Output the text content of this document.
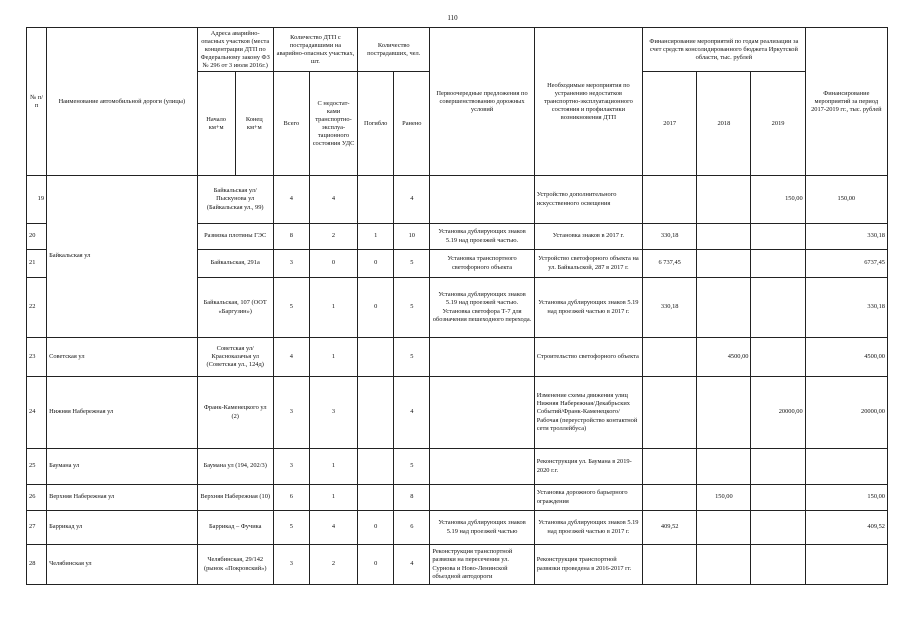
110
№ п/п	Наименование автомобильной дороги (улицы)	Адреса аварийно-опасных участков (места концентрации ДТП по Федеральному закону ФЗ № 296 от 3 июля 2016г.)		Количество ДТП с пострадавшими на аварийно-опасных участках, шт.		Количество пострадавших, чел.		Первоочередные предложения по совершенствованию дорожных условий	Необходимые мероприятия по устранению недостатков транспортно-эксплуатационного состояния и профилактики возникновения ДТП	Финансирование мероприятий по годам реализации за счет средств консолидированного бюджета Иркутской области, тыс. рублей			Финансирование мероприятий за период 2017-2019 гг., тыс. рублей
		Начало км+м	Конец км+м	Всего	С недостат-ками транспортно-эксплуа-тационного состояния УДС	Погибло	Ранено			2017	2018	2019	
19	Байкальская ул	Байкальская ул/ Пыскунова ул (Байкальская ул., 99)		4	4		4		Устройство дополнительного искусственного освещения			150,00	150,00
20		Развязка плотины ГЭС		8	2	1	10	Установка дублирующих знаков 5.19 над проезжей частью.	Установка знаков в 2017 г.	330,18			330,18
21		Байкальская, 291а		3	0	0	5	Установка транспортного светофорного объекта	Устройство светофорного объекта на ул. Байкальской, 287 в 2017 г.	6 737,45			6737,45
22		Байкальская, 107 (ООТ «Баргузин»)		5	1	0	5	Установка дублирующих знаков 5.19 над проезжей частью. Установка светофора Т-7 для обозначения пешеходного перехода.	Установка дублирующих знаков 5.19 над проезжей частью в 2017 г.	330,18			330,18
23	Советская ул	Советская ул/Красноказачья ул (Советская ул., 124д)		4	1		5		Строительство светофорного объекта		4500,00		4500,00
24	Нижняя Набережная ул	Франк-Каменецкого ул (2)		3	3		4		Изменение схемы движения улиц Нижняя Набережная/Декабрьских Событий/Франк-Каменецкого/Рабочая (переустройство контактной сети троллейбуса)			20000,00	20000,00
25	Баумана ул	Баумана ул (194, 202/3)		3	1		5		Реконструкция ул. Баумана в 2019-2020 г.г.				
26	Верхняя Набережная ул	Верхняя Набережная (10)		6	1		8		Установка дорожного барьерного ограждения		150,00		150,00
27	Баррикад ул	Баррикад – Фучика		5	4	0	6	Установка дублирующих знаков 5.19 над проезжей частью	Установка дублирующих знаков 5.19 над проезжей частью в 2017 г.	409,52			409,52
28	Челябинская ул	Челябинская, 29/142 (рынок «Покровский»)		3	2	0	4	Реконструкция транспортной развязки на пересечении ул. Сурнова и Ново-Ленинской объездной автодороги	Реконструкция транспортной развязки проведена в 2016-2017 гг.				
